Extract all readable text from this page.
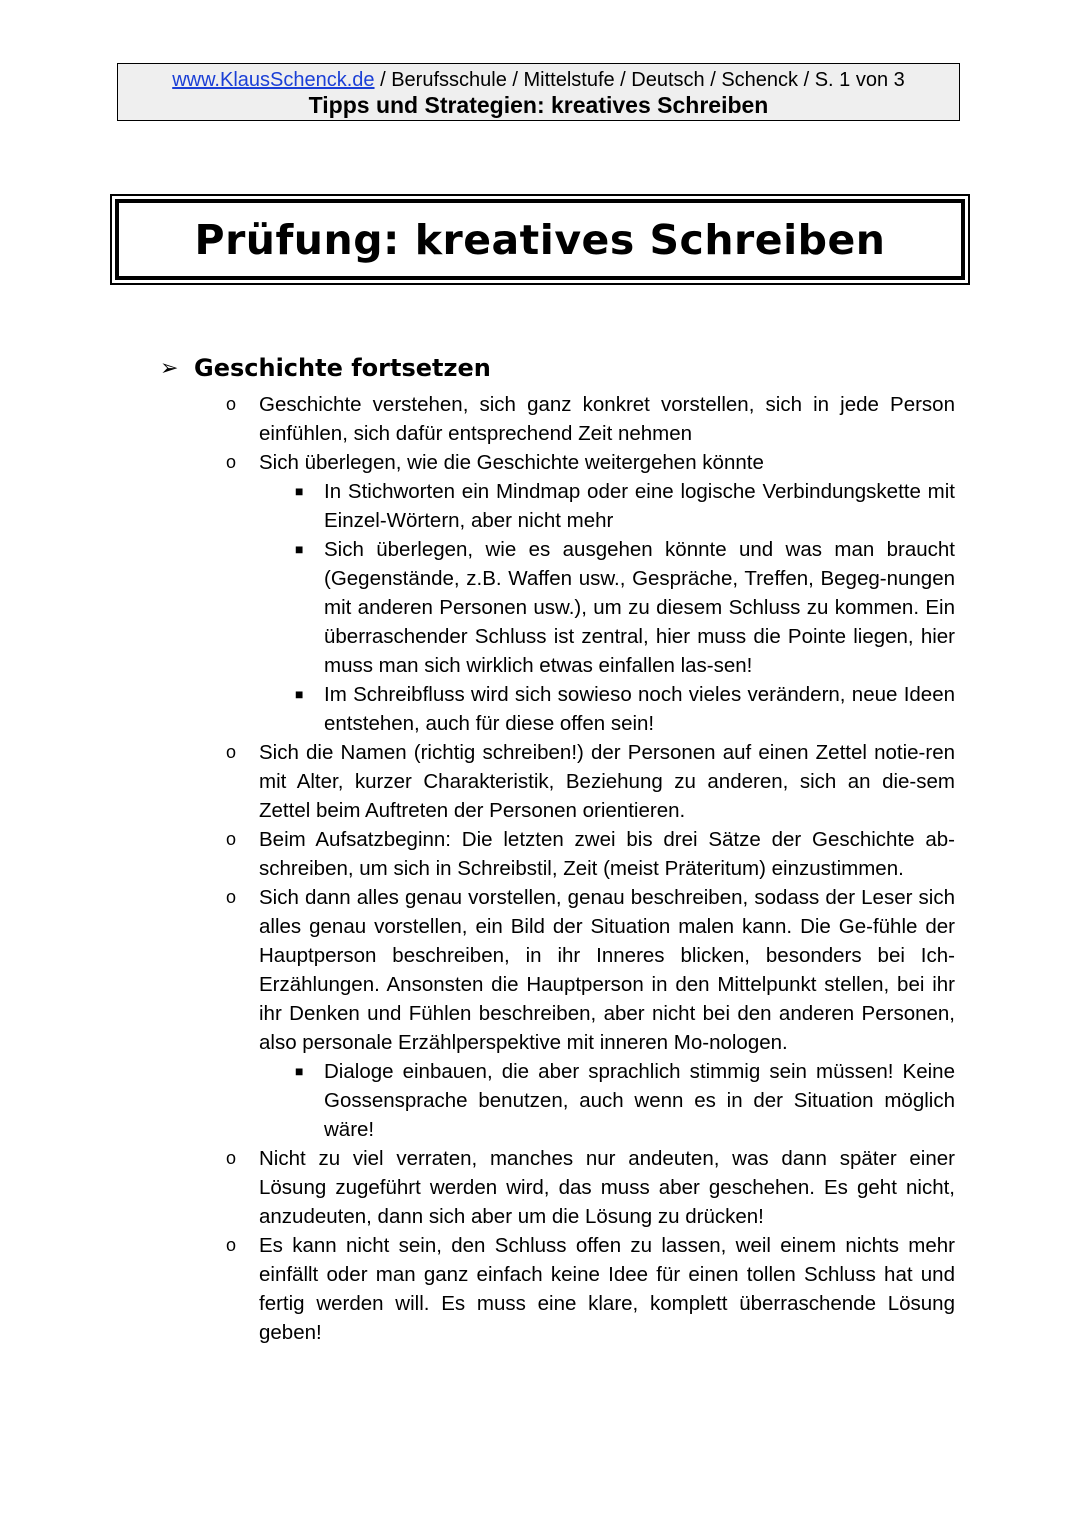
www.KlausSchenck.de / Berufsschule / Mittelstufe / Deutsch / Schenck / S. 1 von 3
Tipps und Strategien: kreatives Schreiben
Prüfung: kreatives Schreiben
➢ Geschichte fortsetzen
o Geschichte verstehen, sich ganz konkret vorstellen, sich in jede Person einfühlen, sich dafür entsprechend Zeit nehmen
o Sich überlegen, wie die Geschichte weitergehen könnte
■ In Stichworten ein Mindmap oder eine logische Verbindungskette mit Einzel-Wörtern, aber nicht mehr
■ Sich überlegen, wie es ausgehen könnte und was man braucht (Gegenstände, z.B. Waffen usw., Gespräche, Treffen, Begeg-nungen mit anderen Personen usw.), um zu diesem Schluss zu kommen. Ein überraschender Schluss ist zentral, hier muss die Pointe liegen, hier muss man sich wirklich etwas einfallen las-sen!
■ Im Schreibfluss wird sich sowieso noch vieles verändern, neue Ideen entstehen, auch für diese offen sein!
o Sich die Namen (richtig schreiben!) der Personen auf einen Zettel notie-ren mit Alter, kurzer Charakteristik, Beziehung zu anderen, sich an die-sem Zettel beim Auftreten der Personen orientieren.
o Beim Aufsatzbeginn: Die letzten zwei bis drei Sätze der Geschichte ab-schreiben, um sich in Schreibstil, Zeit (meist Präteritum) einzustimmen.
o Sich dann alles genau vorstellen, genau beschreiben, sodass der Leser sich alles genau vorstellen, ein Bild der Situation malen kann. Die Ge-fühle der Hauptperson beschreiben, in ihr Inneres blicken, besonders bei Ich-Erzählungen. Ansonsten die Hauptperson in den Mittelpunkt stellen, bei ihr ihr Denken und Fühlen beschreiben, aber nicht bei den anderen Personen, also personale Erzählperspektive mit inneren Mo-nologen.
■ Dialoge einbauen, die aber sprachlich stimmig sein müssen! Keine Gossensprache benutzen, auch wenn es in der Situation möglich wäre!
o Nicht zu viel verraten, manches nur andeuten, was dann später einer Lösung zugeführt werden wird, das muss aber geschehen. Es geht nicht, anzudeuten, dann sich aber um die Lösung zu drücken!
o Es kann nicht sein, den Schluss offen zu lassen, weil einem nichts mehr einfällt oder man ganz einfach keine Idee für einen tollen Schluss hat und fertig werden will. Es muss eine klare, komplett überraschende Lösung geben!
